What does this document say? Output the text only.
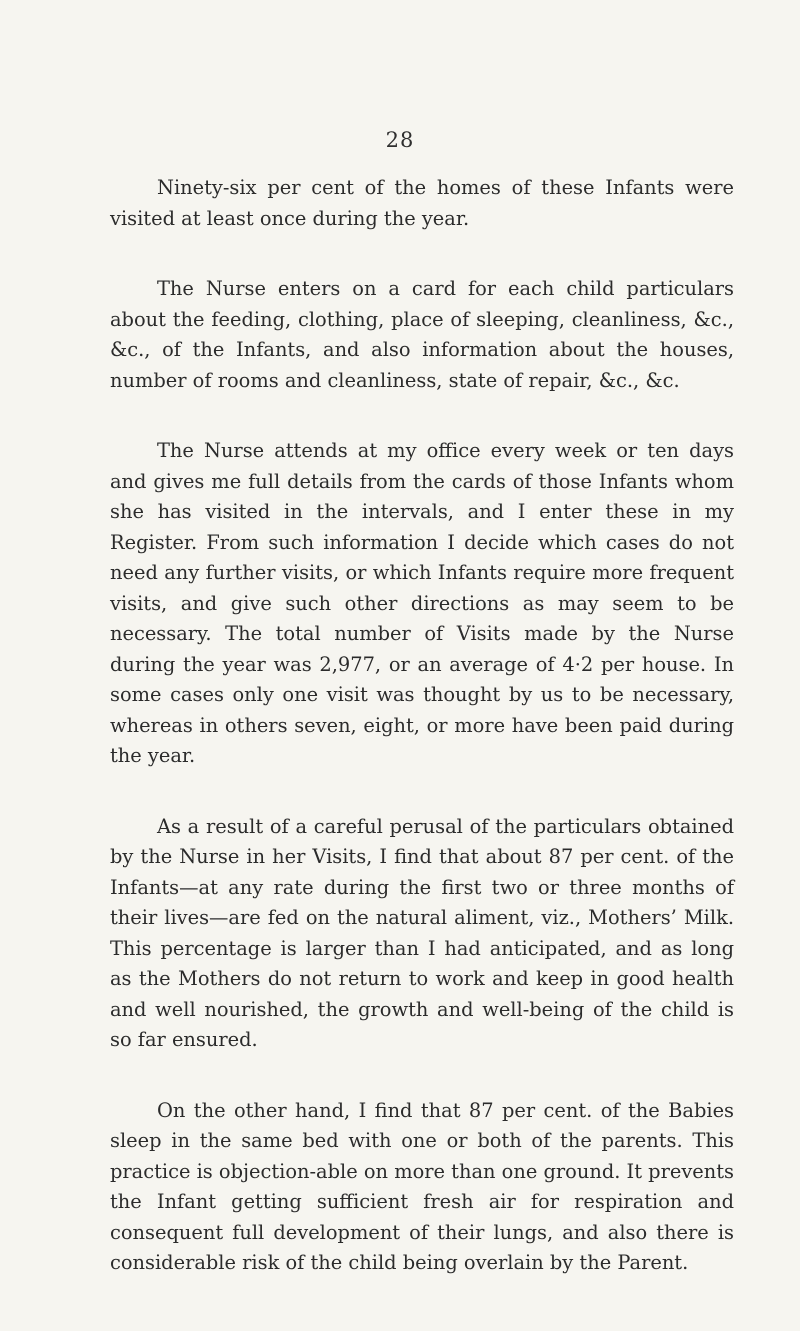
28

Ninety-six per cent of the homes of these Infants were visited at least once during the year.

The Nurse enters on a card for each child particulars about the feeding, clothing, place of sleeping, cleanliness, &c., &c., of the Infants, and also information about the houses, number of rooms and cleanliness, state of repair, &c., &c.

The Nurse attends at my office every week or ten days and gives me full details from the cards of those Infants whom she has visited in the intervals, and I enter these in my Register. From such information I decide which cases do not need any further visits, or which Infants require more frequent visits, and give such other directions as may seem to be necessary. The total number of Visits made by the Nurse during the year was 2,977, or an average of 4·2 per house. In some cases only one visit was thought by us to be necessary, whereas in others seven, eight, or more have been paid during the year.

As a result of a careful perusal of the particulars obtained by the Nurse in her Visits, I find that about 87 per cent. of the Infants—at any rate during the first two or three months of their lives—are fed on the natural aliment, viz., Mothers’ Milk. This percentage is larger than I had anticipated, and as long as the Mothers do not return to work and keep in good health and well nourished, the growth and well-being of the child is so far ensured.

On the other hand, I find that 87 per cent. of the Babies sleep in the same bed with one or both of the parents. This practice is objection-able on more than one ground. It prevents the Infant getting sufficient fresh air for respiration and consequent full development of their lungs, and also there is considerable risk of the child being overlain by the Parent.
